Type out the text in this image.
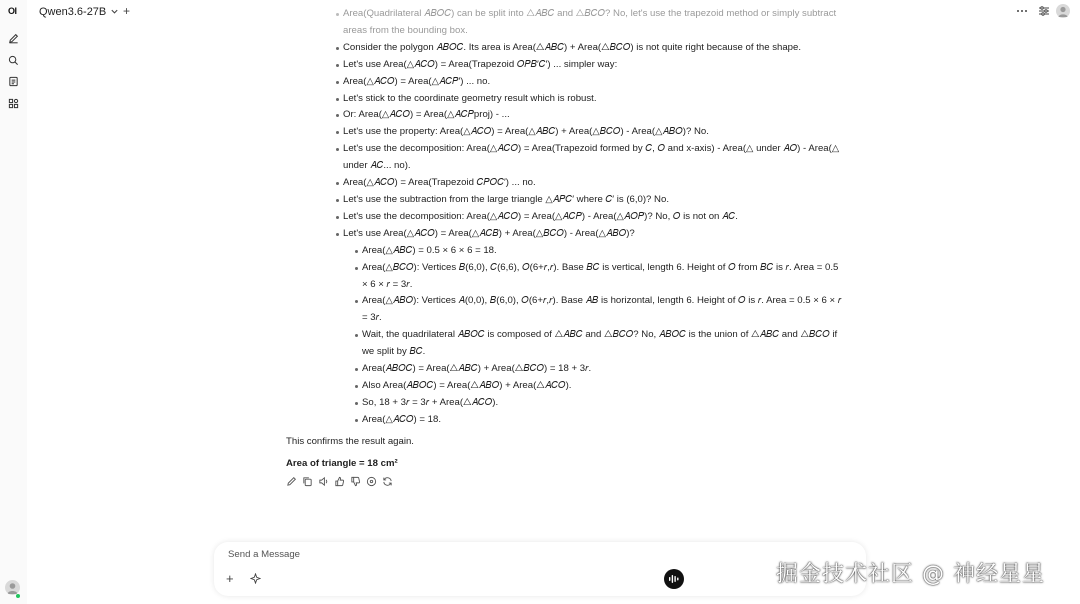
OI Qwen3.6-27B +	Area(Quadrilateral 𝐴𝐵𝑂𝐶) can be split into △𝐴𝐵𝐶 and △𝐵𝐶𝑂? No, let's use the trapezoid method or simply subtract areas from the bounding box.
Consider the polygon 𝐴𝐵𝑂𝐶. Its area is Area(△𝐴𝐵𝐶) + Area(△𝐵𝐶𝑂) is not quite right because of the shape.
Let's use Area(△𝐴𝐶𝑂) = Area(Trapezoid 𝑂𝑃𝐵′𝐶′) ... simpler way:
Area(△𝐴𝐶𝑂) = Area(△𝐴𝐶𝑃′) ... no.
Let's stick to the coordinate geometry result which is robust.
Or: Area(△𝐴𝐶𝑂) = Area(△𝐴𝐶𝑃proj) - ...
Let's use the property: Area(△𝐴𝐶𝑂) = Area(△𝐴𝐵𝐶) + Area(△𝐵𝐶𝑂) - Area(△𝐴𝐵𝑂)? No.
Let's use the decomposition: Area(△𝐴𝐶𝑂) = Area(Trapezoid formed by 𝐶, 𝑂 and x-axis) - Area(△ under 𝐴𝑂) - Area(△ under 𝐴𝐶... no).
Area(△𝐴𝐶𝑂) = Area(Trapezoid 𝐶𝑃𝑂𝐶′) ... no.
Let's use the subtraction from the large triangle △𝐴𝑃𝐶′ where 𝐶′ is (6,0)? No.
Let's use the decomposition: Area(△𝐴𝐶𝑂) = Area(△𝐴𝐶𝑃) - Area(△𝐴𝑂𝑃)? No, 𝑂 is not on 𝐴𝐶.
Let's use Area(△𝐴𝐶𝑂) = Area(△𝐴𝐶𝐵) + Area(△𝐵𝐶𝑂) - Area(△𝐴𝐵𝑂)?
Area(△𝐴𝐵𝐶) = 0.5 × 6 × 6 = 18.
Area(△𝐵𝐶𝑂): Vertices 𝐵(6,0), 𝐶(6,6), 𝑂(6+𝑟,𝑟). Base 𝐵𝐶 is vertical, length 6. Height of 𝑂 from 𝐵𝐶 is 𝑟. Area = 0.5 × 6 × 𝑟 = 3𝑟.
Area(△𝐴𝐵𝑂): Vertices 𝐴(0,0), 𝐵(6,0), 𝑂(6+𝑟,𝑟). Base 𝐴𝐵 is horizontal, length 6. Height of 𝑂 is 𝑟. Area = 0.5 × 6 × 𝑟 = 3𝑟.
Wait, the quadrilateral 𝐴𝐵𝑂𝐶 is composed of △𝐴𝐵𝐶 and △𝐵𝐶𝑂? No, 𝐴𝐵𝑂𝐶 is the union of △𝐴𝐵𝐶 and △𝐵𝐶𝑂 if we split by 𝐵𝐶.
Area(𝐴𝐵𝑂𝐶) = Area(△𝐴𝐵𝐶) + Area(△𝐵𝐶𝑂) = 18 + 3𝑟.
Also Area(𝐴𝐵𝑂𝐶) = Area(△𝐴𝐵𝑂) + Area(△𝐴𝐶𝑂).
So, 18 + 3𝑟 = 3𝑟 + Area(△𝐴𝐶𝑂).
Area(△𝐴𝐶𝑂) = 18.
This confirms the result again.
Area of triangle = 18 cm²
Send a Message
+	掘金技术社区 @ 神经星星
